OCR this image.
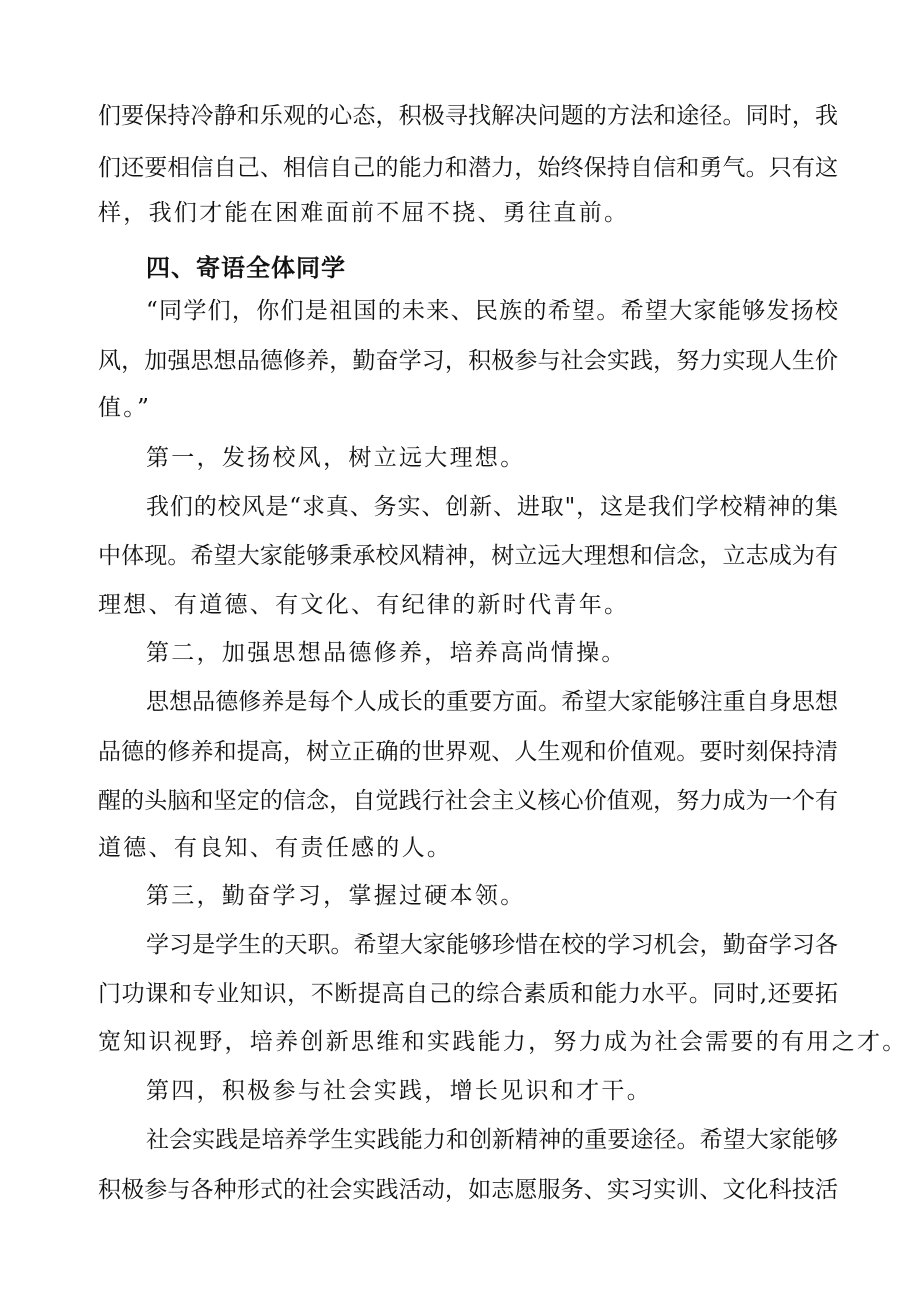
们要保持冷静和乐观的心态，积极寻找解决问题的方法和途径。同时，我
们还要相信自己、相信自己的能力和潜力，始终保持自信和勇气。只有这
样，我们才能在困难面前不屈不挠、勇往直前。
四、寄语全体同学
“同学们，你们是祖国的未来、民族的希望。希望大家能够发扬校
风，加强思想品德修养，勤奋学习，积极参与社会实践，努力实现人生价
值。”
第一，发扬校风，树立远大理想。
我们的校风是“求真、务实、创新、进取"，这是我们学校精神的集
中体现。希望大家能够秉承校风精神，树立远大理想和信念，立志成为有
理想、有道德、有文化、有纪律的新时代青年。
第二，加强思想品德修养，培养高尚情操。
思想品德修养是每个人成长的重要方面。希望大家能够注重自身思想
品德的修养和提高，树立正确的世界观、人生观和价值观。要时刻保持清
醒的头脑和坚定的信念，自觉践行社会主义核心价值观，努力成为一个有
道德、有良知、有责任感的人。
第三，勤奋学习，掌握过硬本领。
学习是学生的天职。希望大家能够珍惜在校的学习机会，勤奋学习各
门功课和专业知识，不断提高自己的综合素质和能力水平。同时,还要拓
宽知识视野，培养创新思维和实践能力，努力成为社会需要的有用之才。
第四，积极参与社会实践，增长见识和才干。
社会实践是培养学生实践能力和创新精神的重要途径。希望大家能够
积极参与各种形式的社会实践活动，如志愿服务、实习实训、文化科技活
